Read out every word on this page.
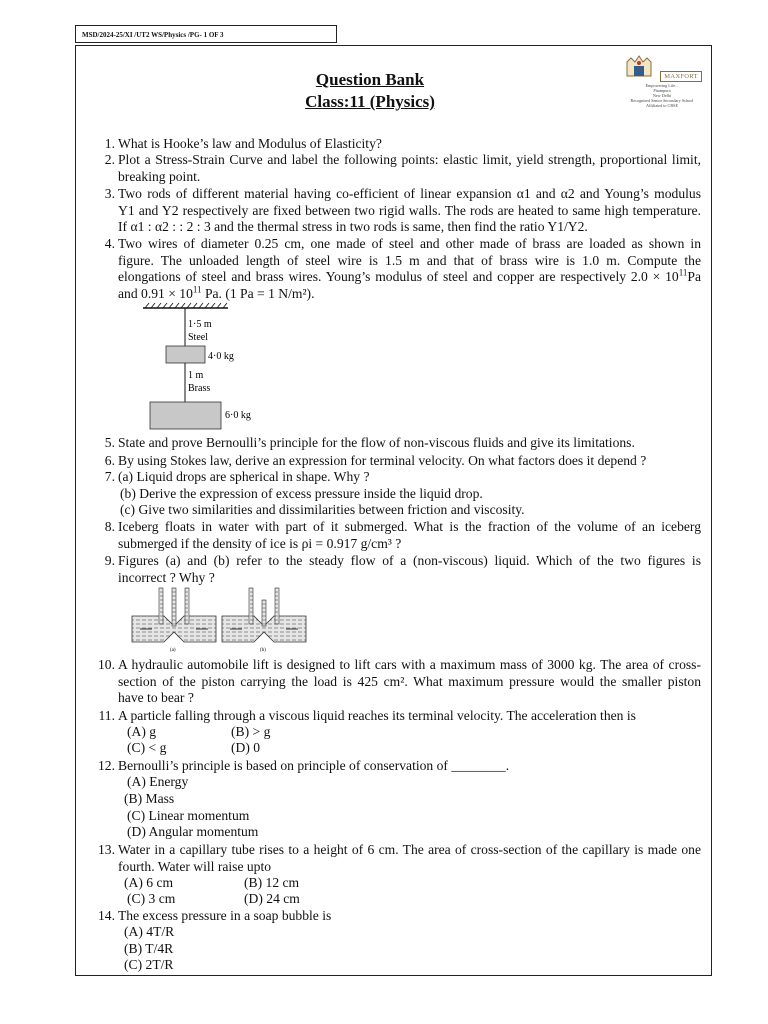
MSD/2024-25/XI /UT2 WS/Physics /PG- 1 OF 3
Question Bank
Class:11 (Physics)
MAXFORT
Empowering Life...
Pitampura
New Delhi
Recognised Senior Secondary School
Affiliated to CBSE
1. What is Hooke’s law and Modulus of Elasticity?
2. Plot a Stress-Strain Curve and label the following points: elastic limit, yield strength, proportional limit,
breaking point.
3. Two rods of different material having co-efficient of linear expansion α1 and α2 and Young’s modulus
Y1 and Y2 respectively are fixed between two rigid walls. The rods are heated to same high temperature.
If α1 : α2 : : 2 : 3 and the thermal stress in two rods is same, then find the ratio Y1/Y2.
4. Two wires of diameter 0.25 cm, one made of steel and other made of brass are loaded as shown in
figure. The unloaded length of steel wire is 1.5 m and that of brass wire is 1.0 m. Compute the
elongations of steel and brass wires. Young’s modulus of steel and copper are respectively $2.0 \times 10^{11}Pa$
and $0.91 \times 10^{11}$ Pa. (1 Pa = 1 N/m²).
1·5 m
Steel
4·0 kg
1 m
Brass
6·0 kg
5. State and prove Bernoulli’s principle for the flow of non-viscous fluids and give its limitations.
6. By using Stokes law, derive an expression for terminal velocity. On what factors does it depend ?
7. (a) Liquid drops are spherical in shape. Why ?
(b) Derive the expression of excess pressure inside the liquid drop.
(c) Give two similarities and dissimilarities between friction and viscosity.
8. Iceberg floats in water with part of it submerged. What is the fraction of the volume of an iceberg
submerged if the density of ice is ρi = 0.917 g/cm³ ?
9. Figures (a) and (b) refer to the steady flow of a (non-viscous) liquid. Which of the two figures is
incorrect ? Why ?
(a)	(b)
10. A hydraulic automobile lift is designed to lift cars with a maximum mass of 3000 kg. The area of cross-
section of the piston carrying the load is 425 cm². What maximum pressure would the smaller piston
have to bear ?
11. A particle falling through a viscous liquid reaches its terminal velocity. The acceleration then is
(A) g	(B) > g
(C) < g	(D) 0
12. Bernoulli’s principle is based on principle of conservation of ________.
(A) Energy
(B) Mass
(C) Linear momentum
(D) Angular momentum
13. Water in a capillary tube rises to a height of 6 cm. The area of cross-section of the capillary is made one
fourth. Water will raise upto
(A) 6 cm	(B) 12 cm
(C) 3 cm	(D) 24 cm
14. The excess pressure in a soap bubble is
(A) 4T/R
(B) T/4R
(C) 2T/R
